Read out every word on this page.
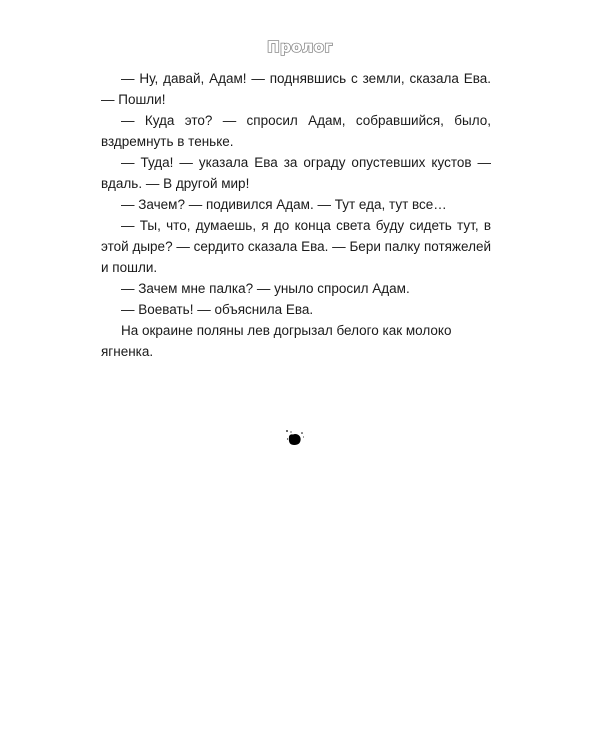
Пролог

— Ну, давай, Адам! — поднявшись с земли, сказала Ева. — Пошли!

— Куда это? — спросил Адам, собравшийся, было, вздремнуть в теньке.

— Туда! — указала Ева за ограду опустевших кустов — вдаль. — В другой мир!

— Зачем? — подивился Адам. — Тут еда, тут все…

— Ты, что, думаешь, я до конца света буду сидеть тут, в этой дыре? — сердито сказала Ева. — Бери палку потяжелей и пошли.

— Зачем мне палка? — уныло спросил Адам.

— Воевать! — объяснила Ева.

На окраине поляны лев догрызал белого как молоко ягненка.
